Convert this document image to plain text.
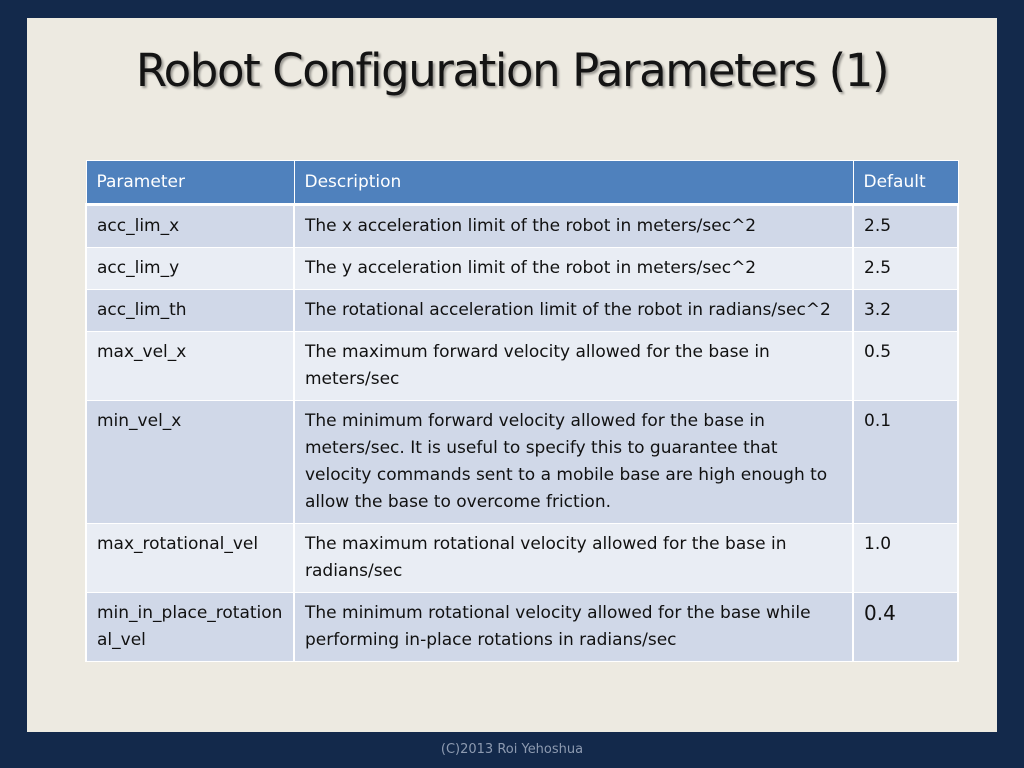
Robot Configuration Parameters (1)
Parameter	Description	Default
acc_lim_x	The x acceleration limit of the robot in meters/sec^2	2.5
acc_lim_y	The y acceleration limit of the robot in meters/sec^2	2.5
acc_lim_th	The rotational acceleration limit of the robot in radians/sec^2	3.2
max_vel_x	The maximum forward velocity allowed for the base in meters/sec	0.5
min_vel_x	The minimum forward velocity allowed for the base in meters/sec. It is useful to specify this to guarantee that velocity commands sent to a mobile base are high enough to allow the base to overcome friction.	0.1
max_rotational_vel	The maximum rotational velocity allowed for the base in radians/sec	1.0
min_in_place_rotational_vel	The minimum rotational velocity allowed for the base while performing in-place rotations in radians/sec	0.4
(C)2013 Roi Yehoshua
